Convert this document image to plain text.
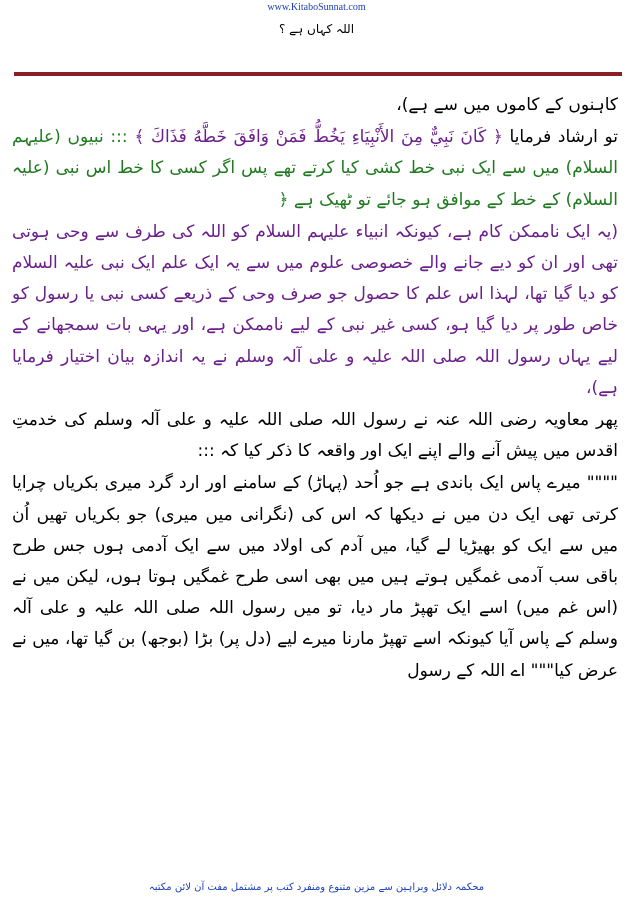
www.KitaboSunnat.com
اللہ کہاں ہے ؟

کاہنوں کے کاموں میں سے ہے)،

تو ارشاد فرمایا ﴿ كَانَ نَبِيٌّ مِنَ الأَنْبِيَاءِ يَخُطُّ فَمَنْ وَافَقَ خَطَّهُ فَذَاكَ ﴾ ::: نبیوں (علیہم السلام) میں سے ایک نبی خط کشی کیا کرتے تھے پس اگر کسی کا خط اس نبی (علیہ السلام) کے خط کے موافق ہو جائے تو ٹھیک ہے ﴿

(یہ ایک ناممکن کام ہے، کیونکہ انبیاء علیہم السلام کو اللہ کی طرف سے وحی ہوتی تھی اور ان کو دیے جانے والے خصوصی علوم میں سے یہ ایک علم ایک نبی علیہ السلام کو دیا گیا تھا، لہذا اس علم کا حصول جو صرف وحی کے ذریعے کسی نبی یا رسول کو خاص طور پر دیا گیا ہو، کسی غیر نبی کے لیے ناممکن ہے، اور یہی بات سمجھانے کے لیے یہاں رسول اللہ صلی اللہ علیہ و علی آلہ وسلم نے یہ اندازہ بیان اختیار فرمایا ہے)،

پھر معاویہ رضی اللہ عنہ نے رسول اللہ صلی اللہ علیہ و علی آلہ وسلم کی خدمتِ اقدس میں پیش آنے والے اپنے ایک اور واقعہ کا ذکر کیا کہ :::

"""" میرے پاس ایک باندی ہے جو اُحد (پہاڑ) کے سامنے اور ارد گرد میری بکریاں چرایا کرتی تھی ایک دن میں نے دیکھا کہ اس کی (نگرانی میں میری) جو بکریاں تھیں اُن میں سے ایک کو بھیڑیا لے گیا، میں آدم کی اولاد میں سے ایک آدمی ہوں جس طرح باقی سب آدمی غمگیں ہوتے ہیں میں بھی اسی طرح غمگیں ہوتا ہوں، لیکن میں نے (اس غم میں) اسے ایک تھپڑ مار دیا، تو میں رسول اللہ صلی اللہ علیہ و علی آلہ وسلم کے پاس آیا کیونکہ اسے تھپڑ مارنا میرے لیے (دل پر) بڑا (بوجھ) بن گیا تھا، میں نے عرض کیا""" اے اللہ کے رسول

محکمہ دلائل وبراہین سے مزین متنوع ومنفرد کتب پر مشتمل مفت آن لائن مکتبہ
